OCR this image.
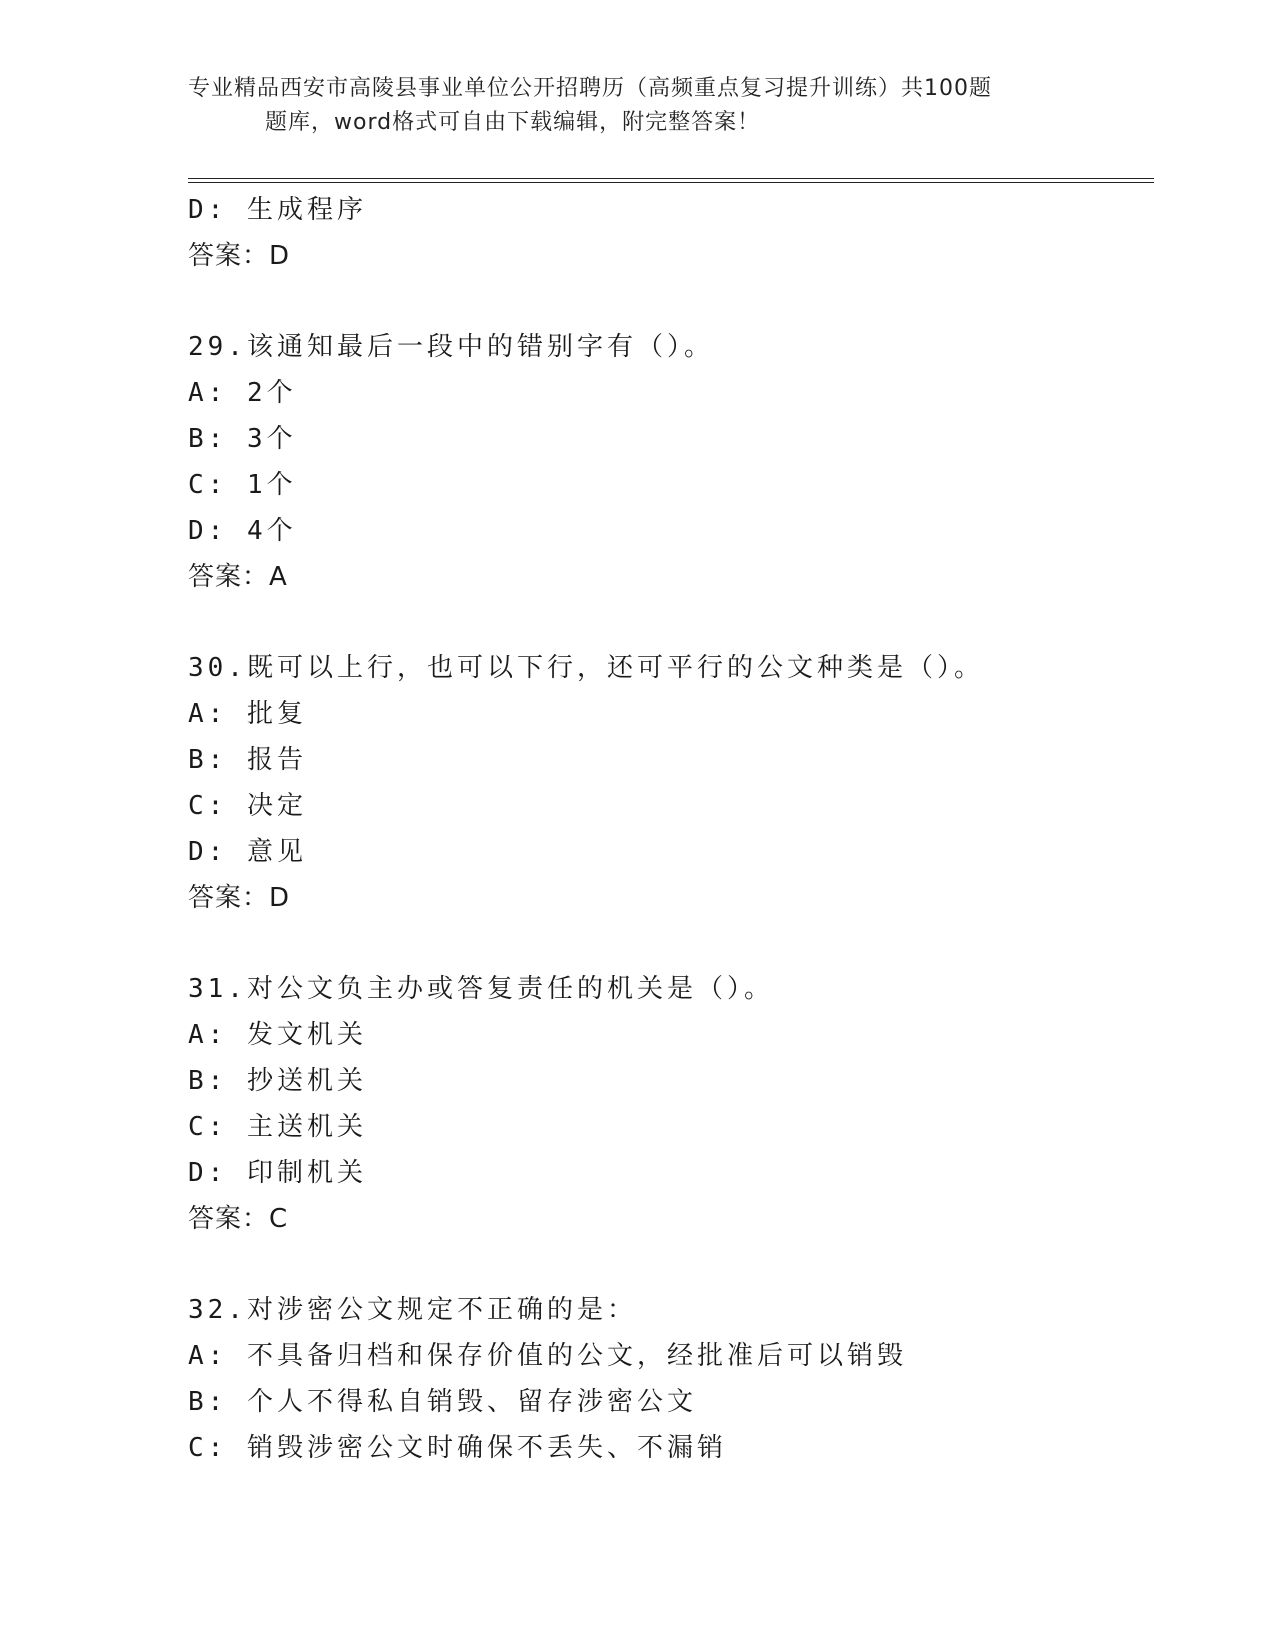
专业精品西安市高陵县事业单位公开招聘历（高频重点复习提升训练）共100题
题库，word格式可自由下载编辑，附完整答案！
D: 生成程序
答案：D
29.该通知最后一段中的错别字有（）。
A: 2个
B: 3个
C: 1个
D: 4个
答案：A
30.既可以上行，也可以下行，还可平行的公文种类是（）。
A: 批复
B: 报告
C: 决定
D: 意见
答案：D
31.对公文负主办或答复责任的机关是（）。
A: 发文机关
B: 抄送机关
C: 主送机关
D: 印制机关
答案：C
32.对涉密公文规定不正确的是：
A: 不具备归档和保存价值的公文，经批准后可以销毁
B: 个人不得私自销毁、留存涉密公文
C: 销毁涉密公文时确保不丢失、不漏销
